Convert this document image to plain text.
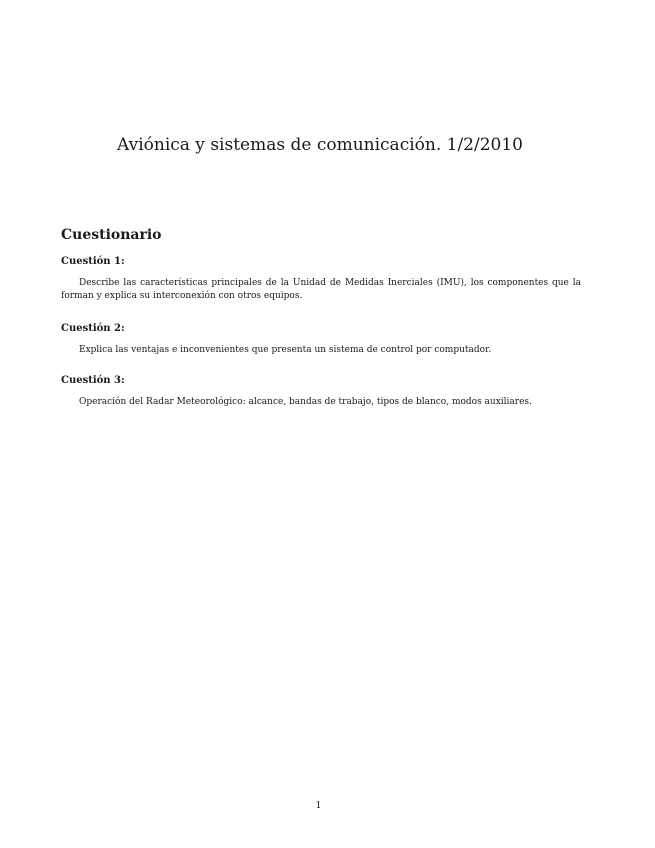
Aviónica y sistemas de comunicación. 1/2/2010
Cuestionario
Cuestión 1:

Describe las características principales de la Unidad de Medidas Inerciales (IMU), los componentes que la forman y explica su interconexión con otros equipos.

Cuestión 2:

Explica las ventajas e inconvenientes que presenta un sistema de control por computador.

Cuestión 3:

Operación del Radar Meteorológico: alcance, bandas de trabajo, tipos de blanco, modos auxiliares.

1
